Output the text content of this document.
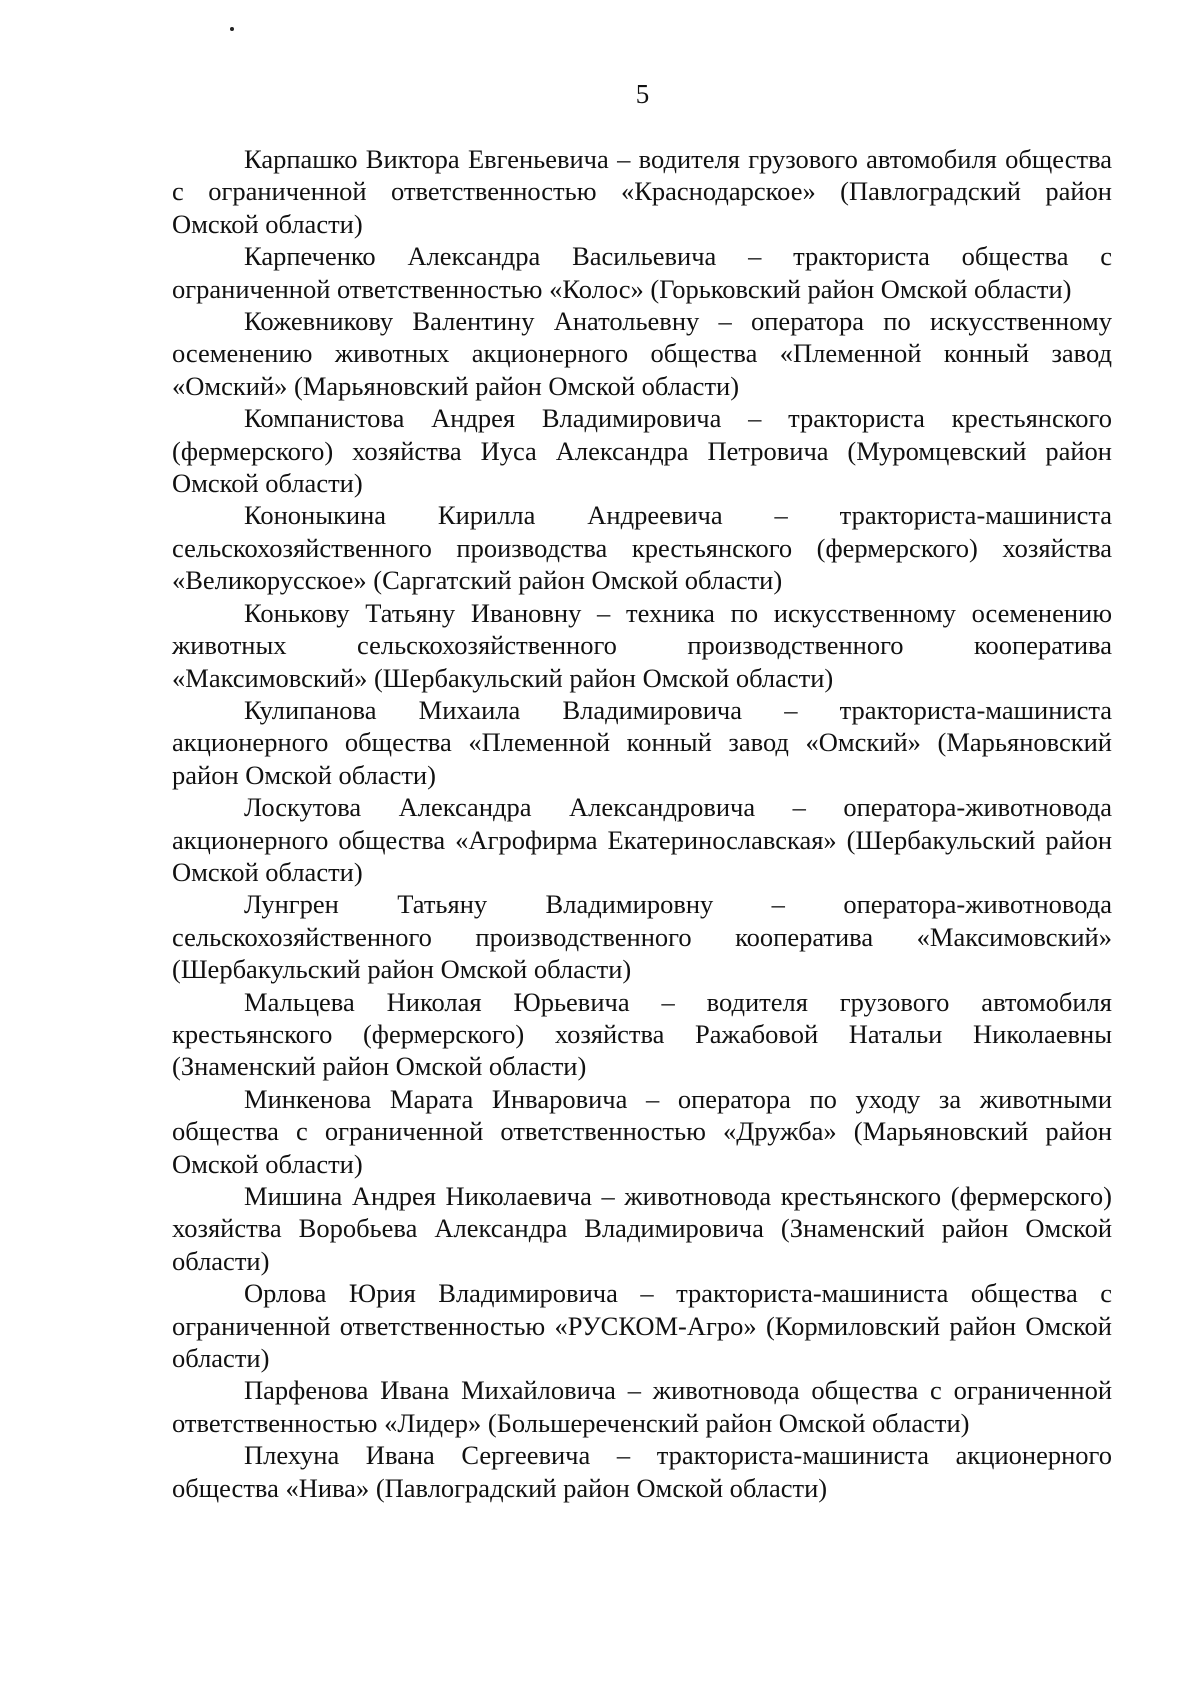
5

Карпашко Виктора Евгеньевича – водителя грузового автомобиля общества с ограниченной ответственностью «Краснодарское» (Павлоградский район Омской области)

Карпеченко Александра Васильевича – тракториста общества с ограниченной ответственностью «Колос» (Горьковский район Омской области)

Кожевникову Валентину Анатольевну – оператора по искусственному осеменению животных акционерного общества «Племенной конный завод «Омский» (Марьяновский район Омской области)

Компанистова Андрея Владимировича – тракториста крестьянского (фермерского) хозяйства Иуса Александра Петровича (Муромцевский район Омской области)

Кононыкина Кирилла Андреевича – тракториста-машиниста сельскохозяйственного производства крестьянского (фермерского) хозяйства «Великорусское» (Саргатский район Омской области)

Конькову Татьяну Ивановну – техника по искусственному осеменению животных сельскохозяйственного производственного кооператива «Максимовский» (Шербакульский район Омской области)

Кулипанова Михаила Владимировича – тракториста-машиниста акционерного общества «Племенной конный завод «Омский» (Марьяновский район Омской области)

Лоскутова Александра Александровича – оператора-животновода акционерного общества «Агрофирма Екатеринославская» (Шербакульский район Омской области)

Лунгрен Татьяну Владимировну – оператора-животновода сельскохозяйственного производственного кооператива «Максимовский» (Шербакульский район Омской области)

Мальцева Николая Юрьевича – водителя грузового автомобиля крестьянского (фермерского) хозяйства Ражабовой Натальи Николаевны (Знаменский район Омской области)

Минкенова Марата Инваровича – оператора по уходу за животными общества с ограниченной ответственностью «Дружба» (Марьяновский район Омской области)

Мишина Андрея Николаевича – животновода крестьянского (фермерского) хозяйства Воробьева Александра Владимировича (Знаменский район Омской области)

Орлова Юрия Владимировича – тракториста-машиниста общества с ограниченной ответственностью «РУСКОМ-Агро» (Кормиловский район Омской области)

Парфенова Ивана Михайловича – животновода общества с ограниченной ответственностью «Лидер» (Большереченский район Омской области)

Плехуна Ивана Сергеевича – тракториста-машиниста акционерного общества «Нива» (Павлоградский район Омской области)
